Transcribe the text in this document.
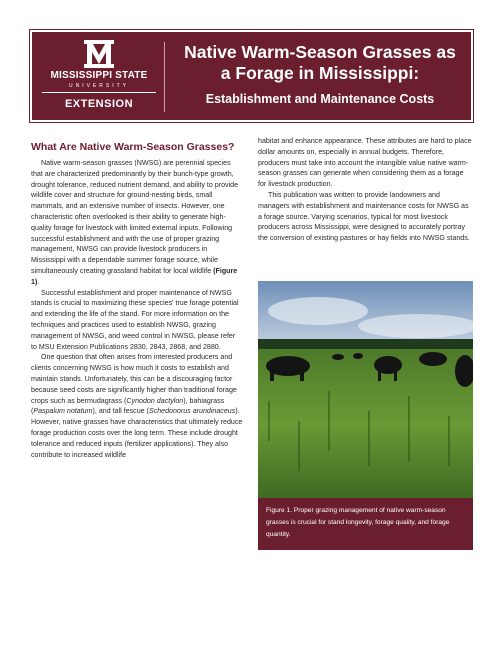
MISSISSIPPI STATE
UNIVERSITY
EXTENSION
Native Warm-Season Grasses as
a Forage in Mississippi:
Establishment and Maintenance Costs
What Are Native Warm-Season Grasses?

Native warm-season grasses (NWSG) are perennial species that are characterized predominantly by their bunch-type growth, drought tolerance, reduced nutrient demand, and ability to provide wildlife cover and structure for ground-nesting birds, small mammals, and an extensive number of insects. However, one characteristic often overlooked is their ability to generate high-quality forage for livestock with limited external inputs. Following successful establishment and with the use of proper grazing management, NWSG can provide livestock producers in Mississippi with a dependable summer forage source, while simultaneously creating grassland habitat for local wildlife (Figure 1).

Successful establishment and proper maintenance of NWSG stands is crucial to maximizing these species' true forage potential and extending the life of the stand. For more information on the techniques and practices used to establish NWSG, grazing management of NWSG, and weed control in NWSG, please refer to MSU Extension Publications 2830, 2843, 2868, and 2880.

One question that often arises from interested producers and clients concerning NWSG is how much it costs to establish and maintain stands. Unfortunately, this can be a discouraging factor because seed costs are significantly higher than traditional forage crops such as bermudagrass (Cynodon dactylon), bahiagrass (Paspalum notatum), and tall fescue (Schedonorus arundinaceus). However, native grasses have characteristics that ultimately reduce forage production costs over the long term. These include drought tolerance and reduced inputs (fertilizer applications). They also contribute to increased wildlife

habitat and enhance appearance. These attributes are hard to place dollar amounts on, especially in annual budgets. Therefore, producers must take into account the intangible value native warm-season grasses can generate when considering them as a forage for livestock production.

This publication was written to provide landowners and managers with establishment and maintenance costs for NWSG as a forage source. Varying scenarios, typical for most livestock producers across Mississippi, were designed to accurately portray the conversion of existing pastures or hay fields into NWSG stands.

Figure 1. Proper grazing management of native warm-season grasses is crucial for stand longevity, forage quality, and forage quantity.
